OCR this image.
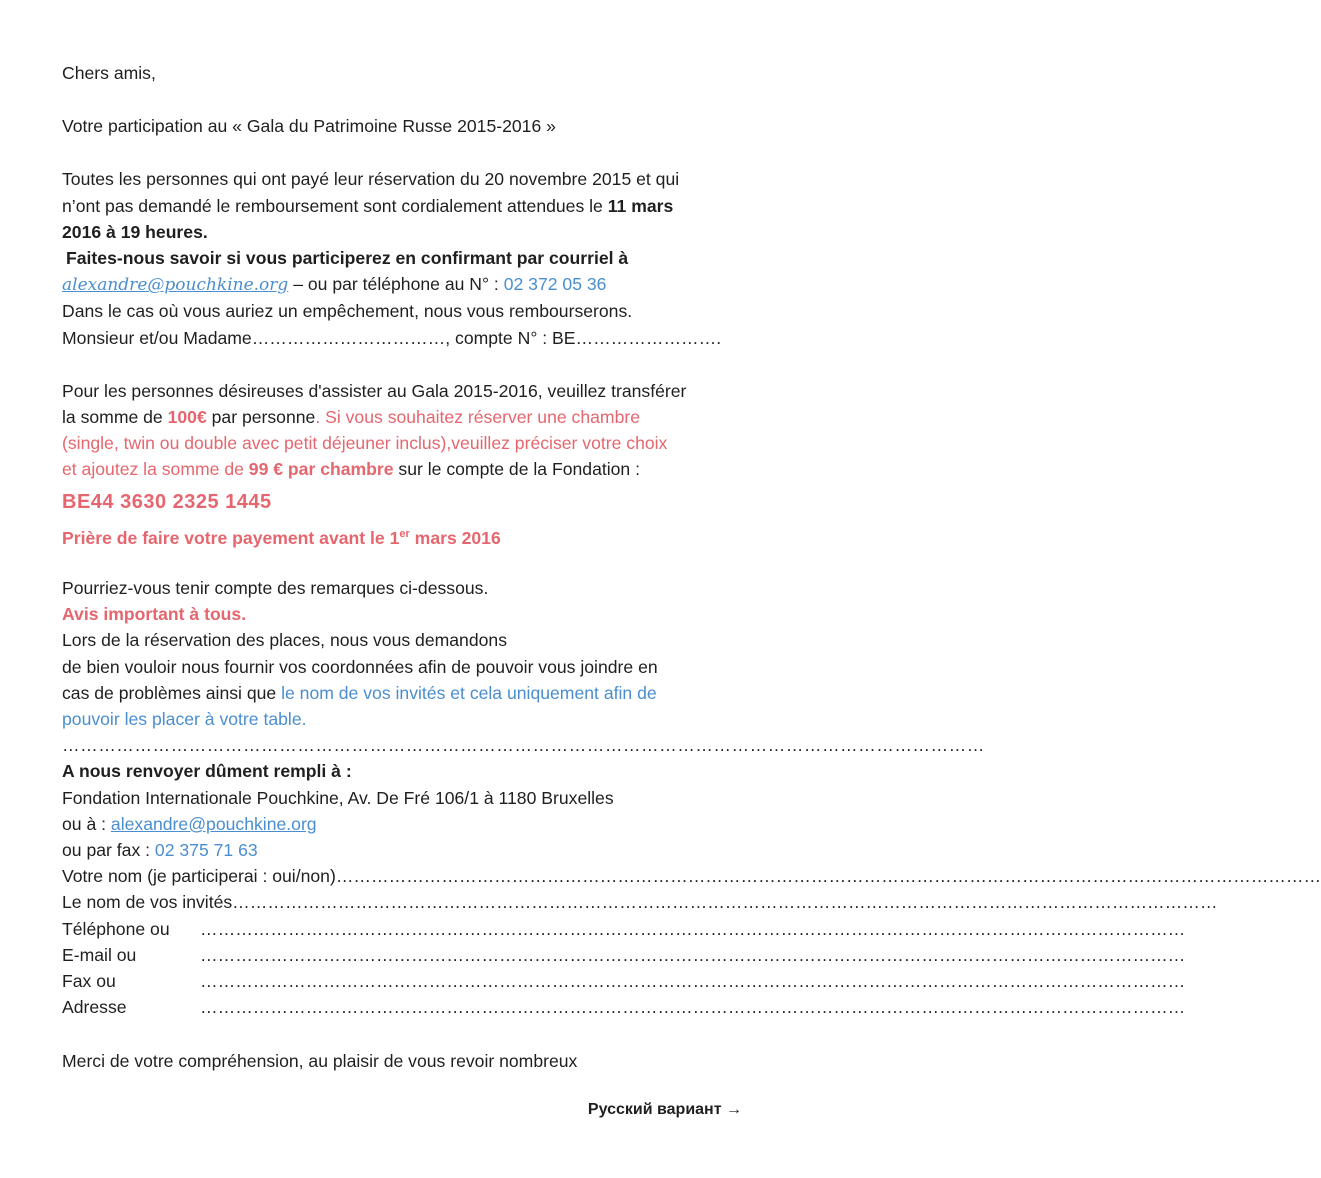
Chers amis,
Votre participation au « Gala du Patrimoine Russe 2015-2016 »
Toutes les personnes qui ont payé leur réservation du 20 novembre 2015 et qui
n’ont pas demandé le remboursement sont cordialement attendues le 11 mars
2016 à 19 heures.
Faites-nous savoir si vous participerez en confirmant par courriel à
alexandre@pouchkine.org – ou par téléphone au N° : 02 372 05 36
Dans le cas où vous auriez un empêchement, nous vous rembourserons.
Monsieur et/ou Madame……………………………, compte N° : BE…………………….
Pour les personnes désireuses d'assister au Gala 2015-2016, veuillez transférer
la somme de 100€ par personne. Si vous souhaitez réserver une chambre
(single, twin ou double avec petit déjeuner inclus),veuillez préciser votre choix
et ajoutez la somme de 99 € par chambre sur le compte de la Fondation :
BE44 3630 2325 1445
Prière de faire votre payement avant le 1er mars 2016
Pourriez-vous tenir compte des remarques ci-dessous.
Avis important à tous.
Lors de la réservation des places, nous vous demandons
de bien vouloir nous fournir vos coordonnées afin de pouvoir vous joindre en
cas de problèmes ainsi que le nom de vos invités et cela uniquement afin de
pouvoir les placer à votre table.
………………………………………………………………………………………………………………………………………
A nous renvoyer dûment rempli à :
Fondation Internationale Pouchkine, Av. De Fré 106/1 à 1180 Bruxelles
ou à : alexandre@pouchkine.org
ou par fax : 02 375 71 63
Votre nom (je participerai : oui/non) ……………………………………………………………………………………………………………………………………………………
Le nom de vos invités ……………………………………………………………………………………………………………………………………………………
Téléphone ou	……………………………………………………………………………………………………………………………………………………
E-mail ou	……………………………………………………………………………………………………………………………………………………
Fax ou	……………………………………………………………………………………………………………………………………………………
Adresse	……………………………………………………………………………………………………………………………………………………
Merci de votre compréhension, au plaisir de vous revoir nombreux
Русский вариант →
